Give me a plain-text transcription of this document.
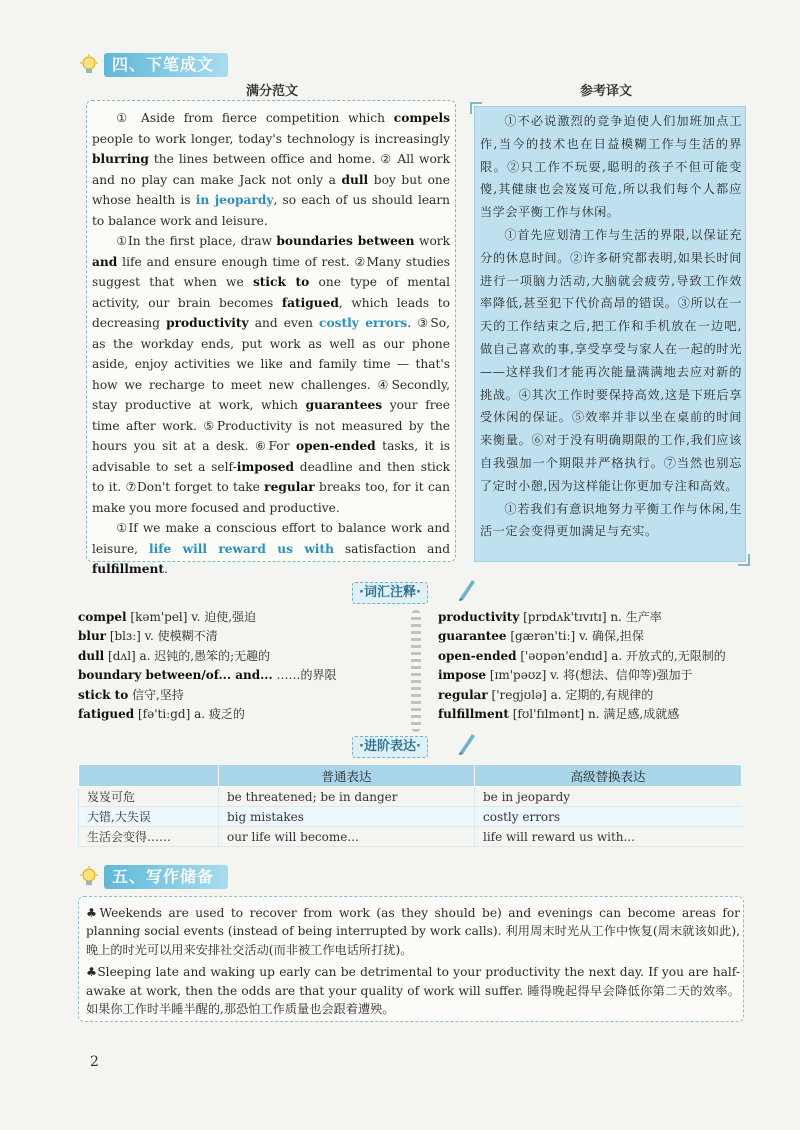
四、下笔成文
满分范文	参考译文

① Aside from fierce competition which compels people to work longer, today's technology is increasingly blurring the lines between office and home. ② All work and no play can make Jack not only a dull boy but one whose health is in jeopardy, so each of us should learn to balance work and leisure.

①In the first place, draw boundaries between work and life and ensure enough time of rest. ②Many studies suggest that when we stick to one type of mental activity, our brain becomes fatigued, which leads to decreasing productivity and even costly errors. ③So, as the workday ends, put work as well as our phone aside, enjoy activities we like and family time — that's how we recharge to meet new challenges. ④Secondly, stay productive at work, which guarantees your free time after work. ⑤Productivity is not measured by the hours you sit at a desk. ⑥For open-ended tasks, it is advisable to set a self-imposed deadline and then stick to it. ⑦Don't forget to take regular breaks too, for it can make you more focused and productive.

①If we make a conscious effort to balance work and leisure, life will reward us with satisfaction and fulfillment.

①不必说激烈的竞争迫使人们加班加点工作,当今的技术也在日益模糊工作与生活的界限。②只工作不玩耍,聪明的孩子不但可能变傻,其健康也会岌岌可危,所以我们每个人都应当学会平衡工作与休闲。

①首先应划清工作与生活的界限,以保证充分的休息时间。②许多研究都表明,如果长时间进行一项脑力活动,大脑就会疲劳,导致工作效率降低,甚至犯下代价高昂的错误。③所以在一天的工作结束之后,把工作和手机放在一边吧,做自己喜欢的事,享受享受与家人在一起的时光——这样我们才能再次能量满满地去应对新的挑战。④其次工作时要保持高效,这是下班后享受休闲的保证。⑤效率并非以坐在桌前的时间来衡量。⑥对于没有明确期限的工作,我们应该自我强加一个期限并严格执行。⑦当然也别忘了定时小憩,因为这样能让你更加专注和高效。

①若我们有意识地努力平衡工作与休闲,生活一定会变得更加满足与充实。

·词汇注释·
compel [kəm'pel] v. 迫使,强迫
blur [blɜː] v. 使模糊不清
dull [dʌl] a. 迟钝的,愚笨的;无趣的
boundary between/of... and... ……的界限
stick to 信守,坚持
fatigued [fə'tiːgd] a. 疲乏的
productivity [prɒdʌk'tɪvɪtɪ] n. 生产率
guarantee [gærən'tiː] v. 确保,担保
open-ended ['əʊpən'endɪd] a. 开放式的,无限制的
impose [ɪm'pəʊz] v. 将(想法、信仰等)强加于
regular ['regjʊlə] a. 定期的,有规律的
fulfillment [fʊl'fɪlmənt] n. 满足感,成就感
·进阶表达·
	普通表达	高级替换表达
岌岌可危	be threatened; be in danger	be in jeopardy
大错,大失误	big mistakes	costly errors
生活会变得……	our life will become...	life will reward us with...
五、写作储备

♣Weekends are used to recover from work (as they should be) and evenings can become areas for planning social events (instead of being interrupted by work calls). 利用周末时光从工作中恢复(周末就该如此),晚上的时光可以用来安排社交活动(而非被工作电话所打扰)。

♣Sleeping late and waking up early can be detrimental to your productivity the next day. If you are half-awake at work, then the odds are that your quality of work will suffer. 睡得晚起得早会降低你第二天的效率。如果你工作时半睡半醒的,那恐怕工作质量也会跟着遭殃。

2
